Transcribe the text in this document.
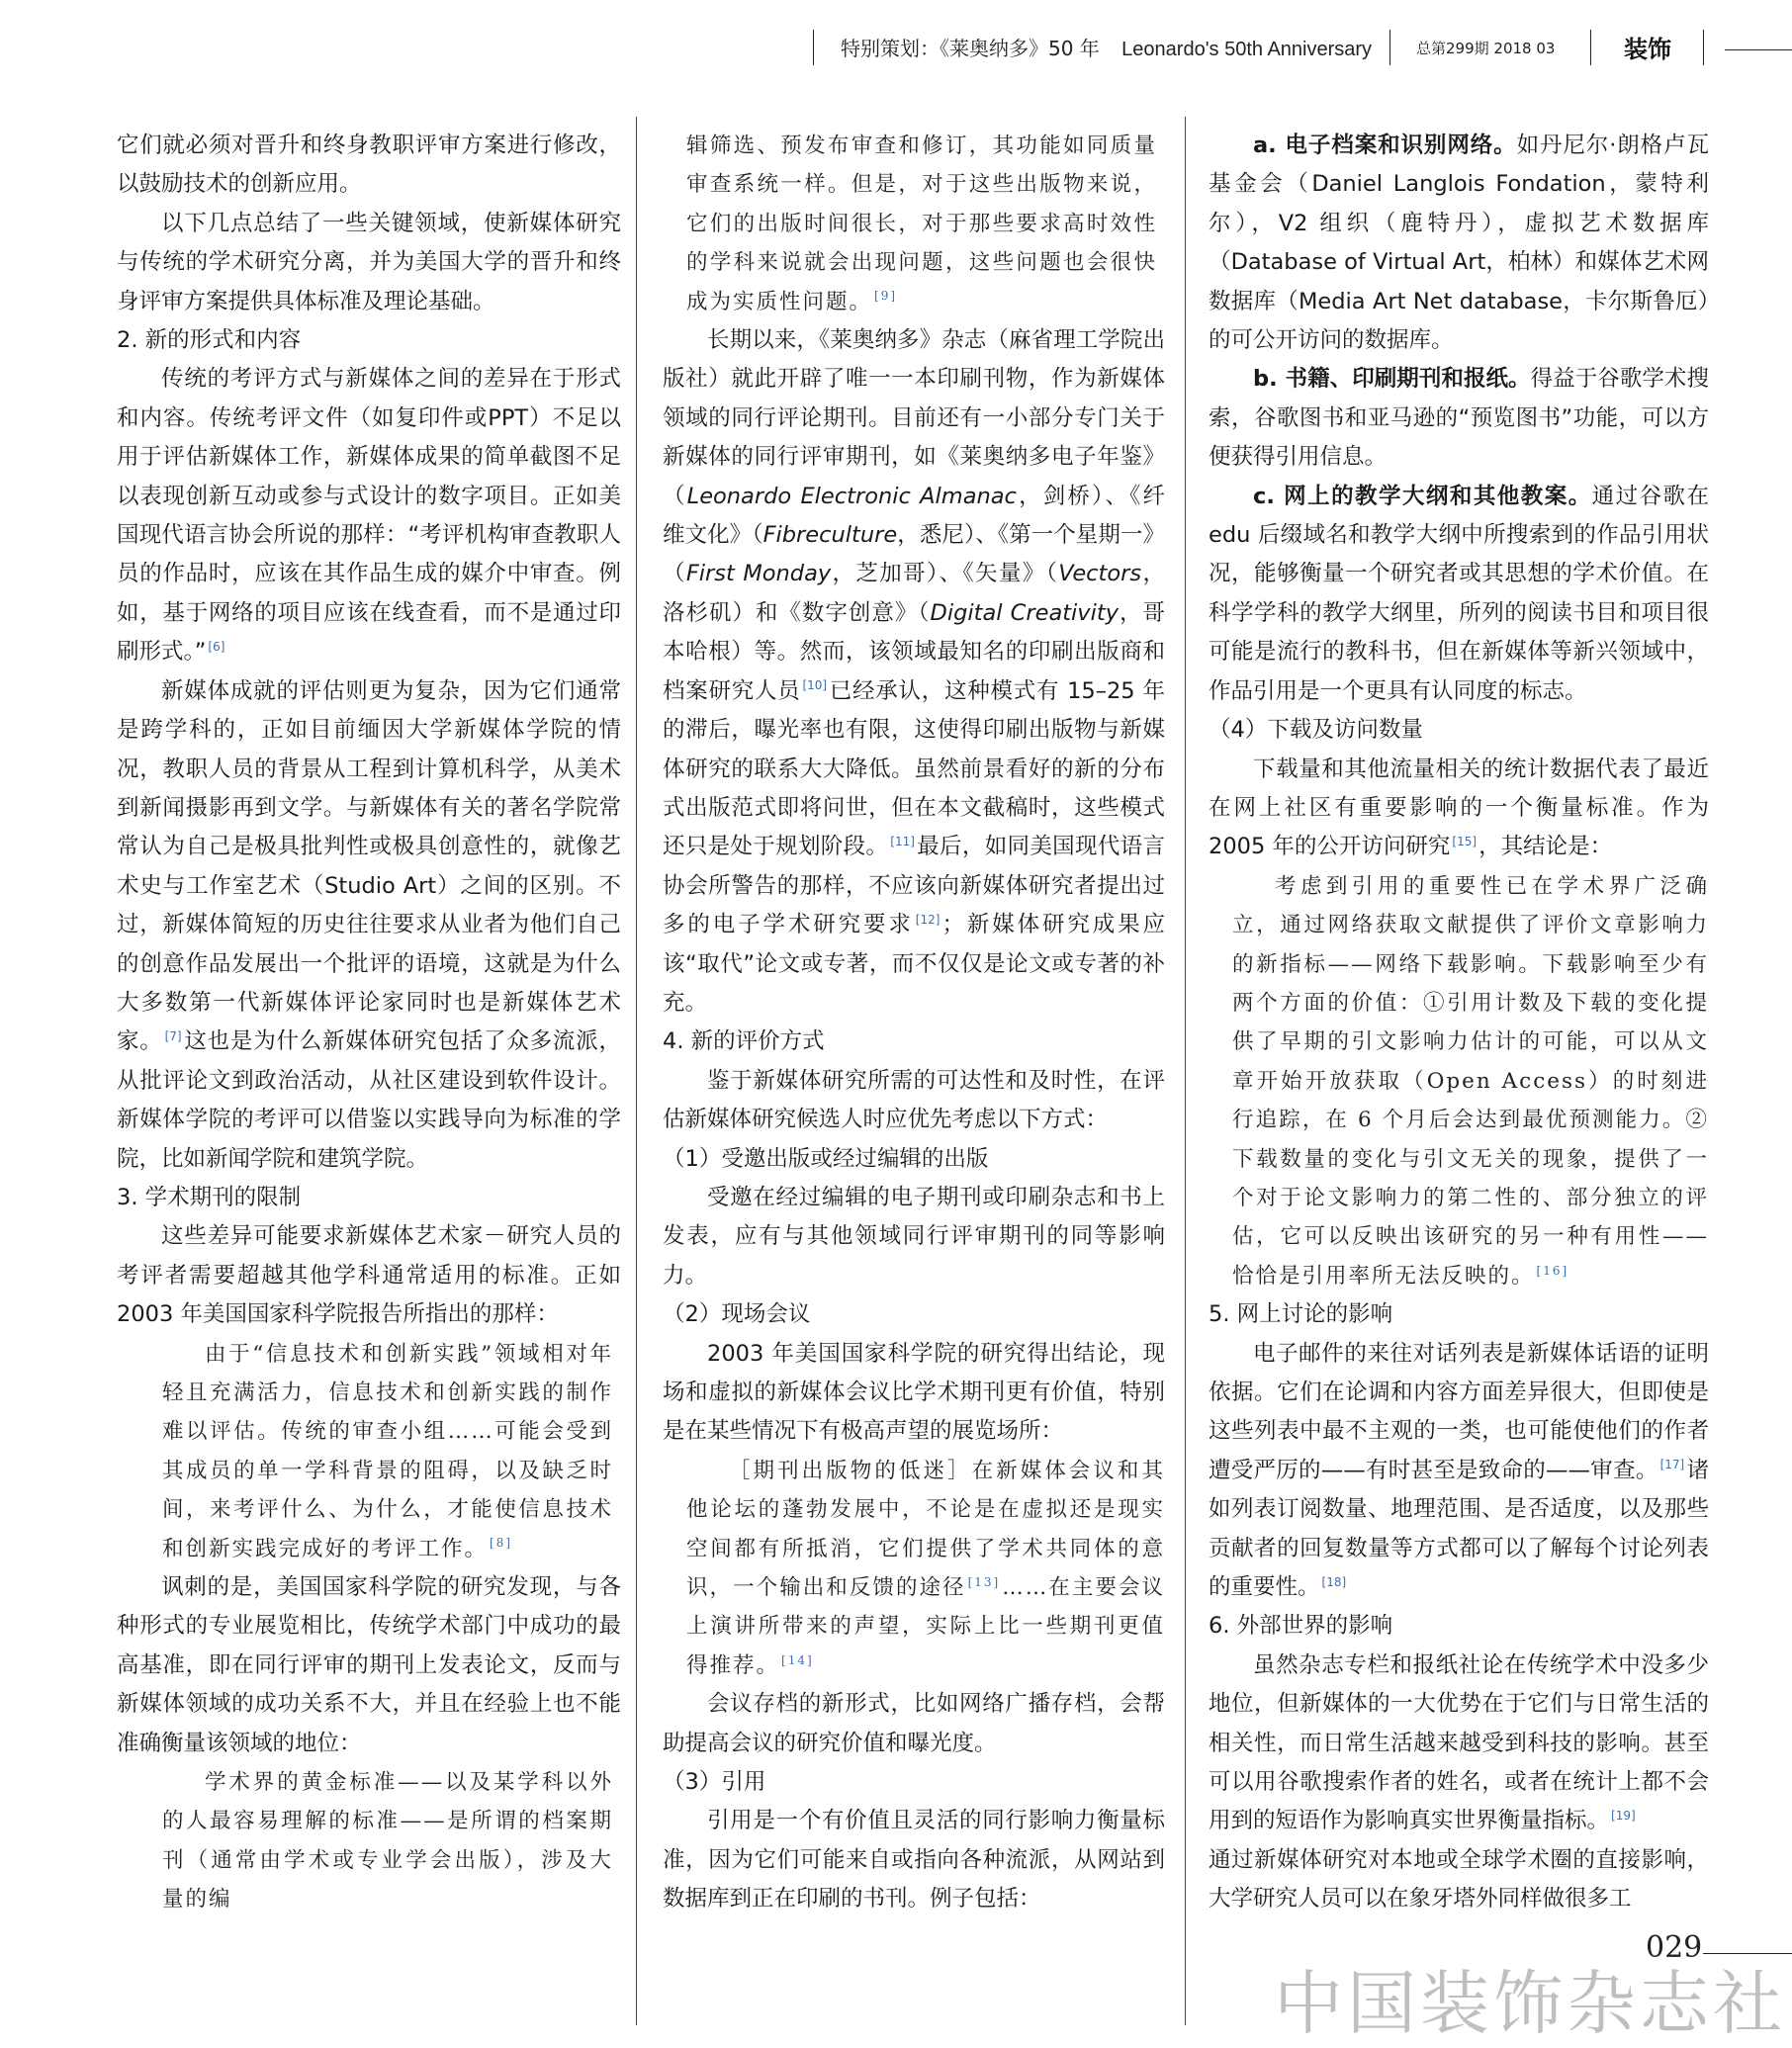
特别策划：《莱奥纳多》50 年 Leonardo's 50th Anniversary	总第299期 2018 03	装饰

它们就必须对晋升和终身教职评审方案进行修改，以鼓励技术的创新应用。

以下几点总结了一些关键领域，使新媒体研究与传统的学术研究分离，并为美国大学的晋升和终身评审方案提供具体标准及理论基础。

2. 新的形式和内容

传统的考评方式与新媒体之间的差异在于形式和内容。传统考评文件（如复印件或PPT）不足以用于评估新媒体工作，新媒体成果的简单截图不足以表现创新互动或参与式设计的数字项目。正如美国现代语言协会所说的那样：“考评机构审查教职人员的作品时，应该在其作品生成的媒介中审查。例如，基于网络的项目应该在线查看，而不是通过印刷形式。” [6]

新媒体成就的评估则更为复杂，因为它们通常是跨学科的，正如目前缅因大学新媒体学院的情况，教职人员的背景从工程到计算机科学，从美术到新闻摄影再到文学。与新媒体有关的著名学院常常认为自己是极具批判性或极具创意性的，就像艺术史与工作室艺术（Studio Art）之间的区别。不过，新媒体简短的历史往往要求从业者为他们自己的创意作品发展出一个批评的语境，这就是为什么大多数第一代新媒体评论家同时也是新媒体艺术家。 [7]这也是为什么新媒体研究包括了众多流派，从批评论文到政治活动，从社区建设到软件设计。新媒体学院的考评可以借鉴以实践导向为标准的学院，比如新闻学院和建筑学院。

3. 学术期刊的限制

这些差异可能要求新媒体艺术家－研究人员的考评者需要超越其他学科通常适用的标准。正如 2003 年美国国家科学院报告所指出的那样：

由于“信息技术和创新实践”领域相对年轻且充满活力，信息技术和创新实践的制作难以评估。传统的审查小组……可能会受到其成员的单一学科背景的阻碍，以及缺乏时间，来考评什么、为什么，才能使信息技术和创新实践完成好的考评工作。 [8]

讽刺的是，美国国家科学院的研究发现，与各种形式的专业展览相比，传统学术部门中成功的最高基准，即在同行评审的期刊上发表论文，反而与新媒体领域的成功关系不大，并且在经验上也不能准确衡量该领域的地位：

学术界的黄金标准——以及某学科以外的人最容易理解的标准——是所谓的档案期刊（通常由学术或专业学会出版），涉及大量的编

辑筛选、预发布审查和修订，其功能如同质量审查系统一样。但是，对于这些出版物来说，它们的出版时间很长，对于那些要求高时效性的学科来说就会出现问题，这些问题也会很快成为实质性问题。 [9]

长期以来，《莱奥纳多》杂志（麻省理工学院出版社）就此开辟了唯一一本印刷刊物，作为新媒体领域的同行评论期刊。目前还有一小部分专门关于新媒体的同行评审期刊，如《莱奥纳多电子年鉴》（Leonardo Electronic Almanac，剑桥）、《纤维文化》（Fibreculture，悉尼）、《第一个星期一》（First Monday，芝加哥）、《矢量》（Vectors，洛杉矶）和《数字创意》（Digital Creativity，哥本哈根）等。然而，该领域最知名的印刷出版商和档案研究人员 [10]已经承认，这种模式有 15–25 年的滞后，曝光率也有限，这使得印刷出版物与新媒体研究的联系大大降低。虽然前景看好的新的分布式出版范式即将问世，但在本文截稿时，这些模式还只是处于规划阶段。 [11]最后，如同美国现代语言协会所警告的那样，不应该向新媒体研究者提出过多的电子学术研究要求 [12]；新媒体研究成果应该“取代”论文或专著，而不仅仅是论文或专著的补充。

4. 新的评价方式

鉴于新媒体研究所需的可达性和及时性，在评估新媒体研究候选人时应优先考虑以下方式：

（1）受邀出版或经过编辑的出版

受邀在经过编辑的电子期刊或印刷杂志和书上发表，应有与其他领域同行评审期刊的同等影响力。

（2）现场会议

2003 年美国国家科学院的研究得出结论，现场和虚拟的新媒体会议比学术期刊更有价值，特别是在某些情况下有极高声望的展览场所：

［期刊出版物的低迷］在新媒体会议和其他论坛的蓬勃发展中，不论是在虚拟还是现实空间都有所抵消，它们提供了学术共同体的意识，一个输出和反馈的途径 [13]……在主要会议上演讲所带来的声望，实际上比一些期刊更值得推荐。 [14]

会议存档的新形式，比如网络广播存档，会帮助提高会议的研究价值和曝光度。

（3）引用

引用是一个有价值且灵活的同行影响力衡量标准，因为它们可能来自或指向各种流派，从网站到数据库到正在印刷的书刊。例子包括：

a. 电子档案和识别网络。如丹尼尔·朗格卢瓦基金会（Daniel Langlois Fondation，蒙特利尔），V2 组织（鹿特丹），虚拟艺术数据库（Database of Virtual Art，柏林）和媒体艺术网数据库（Media Art Net database，卡尔斯鲁厄）的可公开访问的数据库。

b. 书籍、印刷期刊和报纸。得益于谷歌学术搜索，谷歌图书和亚马逊的“预览图书”功能，可以方便获得引用信息。

c. 网上的教学大纲和其他教案。通过谷歌在 edu 后缀域名和教学大纲中所搜索到的作品引用状况，能够衡量一个研究者或其思想的学术价值。在科学学科的教学大纲里，所列的阅读书目和项目很可能是流行的教科书，但在新媒体等新兴领域中，作品引用是一个更具有认同度的标志。

（4）下载及访问数量

下载量和其他流量相关的统计数据代表了最近在网上社区有重要影响的一个衡量标准。作为 2005 年的公开访问研究 [15]，其结论是：

考虑到引用的重要性已在学术界广泛确立，通过网络获取文献提供了评价文章影响力的新指标——网络下载影响。下载影响至少有两个方面的价值：①引用计数及下载的变化提供了早期的引文影响力估计的可能，可以从文章开始开放获取（Open Access）的时刻进行追踪，在 6 个月后会达到最优预测能力。②下载数量的变化与引文无关的现象，提供了一个对于论文影响力的第二性的、部分独立的评估，它可以反映出该研究的另一种有用性——恰恰是引用率所无法反映的。 [16]

5. 网上讨论的影响

电子邮件的来往对话列表是新媒体话语的证明依据。它们在论调和内容方面差异很大，但即使是这些列表中最不主观的一类，也可能使他们的作者遭受严厉的——有时甚至是致命的——审查。 [17]诸如列表订阅数量、地理范围、是否适度，以及那些贡献者的回复数量等方式都可以了解每个讨论列表的重要性。 [18]

6. 外部世界的影响

虽然杂志专栏和报纸社论在传统学术中没多少地位，但新媒体的一大优势在于它们与日常生活的相关性，而日常生活越来越受到科技的影响。甚至可以用谷歌搜索作者的姓名，或者在统计上都不会用到的短语作为影响真实世界衡量指标。 [19]

通过新媒体研究对本地或全球学术圈的直接影响，大学研究人员可以在象牙塔外同样做很多工

029
中国装饰杂志社
